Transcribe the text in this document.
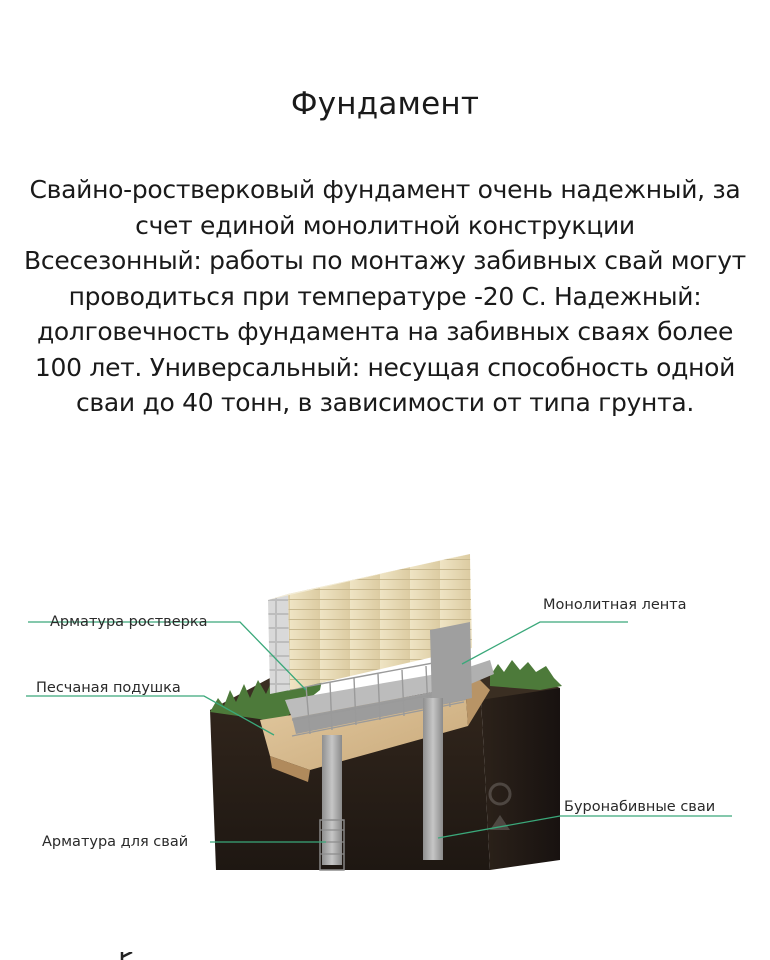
Фундамент

Свайно-ростверковый фундамент очень надежный, за счет единой монолитной конструкции

Всесезонный: работы по монтажу забивных свай могут проводиться при температуре -20 С. Надежный: долговечность фундамента на забивных сваях более 100 лет. Универсальный: несущая способность одной сваи до 40 тонн, в зависимости от типа грунта.

Арматура ростверка
Песчаная подушка
Арматура для свай
Монолитная лента
Буронабивные сваи
